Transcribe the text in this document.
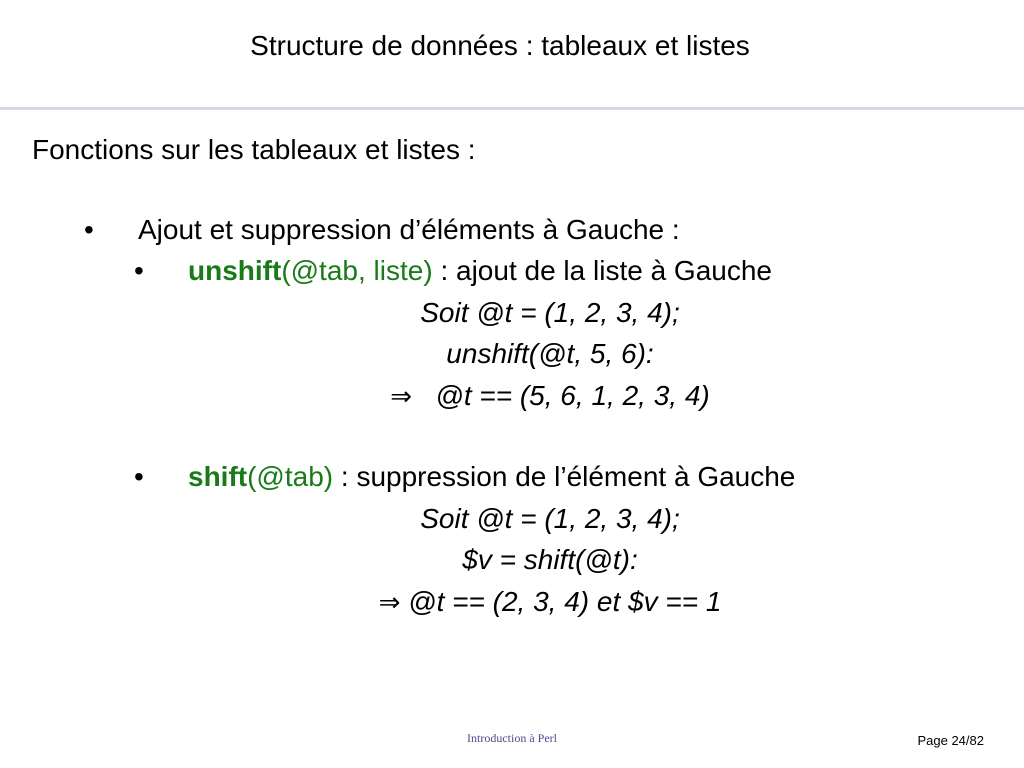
Structure de données : tableaux et listes
Fonctions sur les tableaux et listes :
• Ajout et suppression d’éléments à Gauche :
• unshift(@tab, liste) : ajout de la liste à Gauche
Soit @t = (1, 2, 3, 4);
unshift(@t, 5, 6):
⇒ @t == (5, 6, 1, 2, 3, 4)
• shift(@tab) : suppression de l’élément à Gauche
Soit @t = (1, 2, 3, 4);
$v = shift(@t):
⇒ @t == (2, 3, 4) et $v == 1
Introduction à Perl	Page 24/82
